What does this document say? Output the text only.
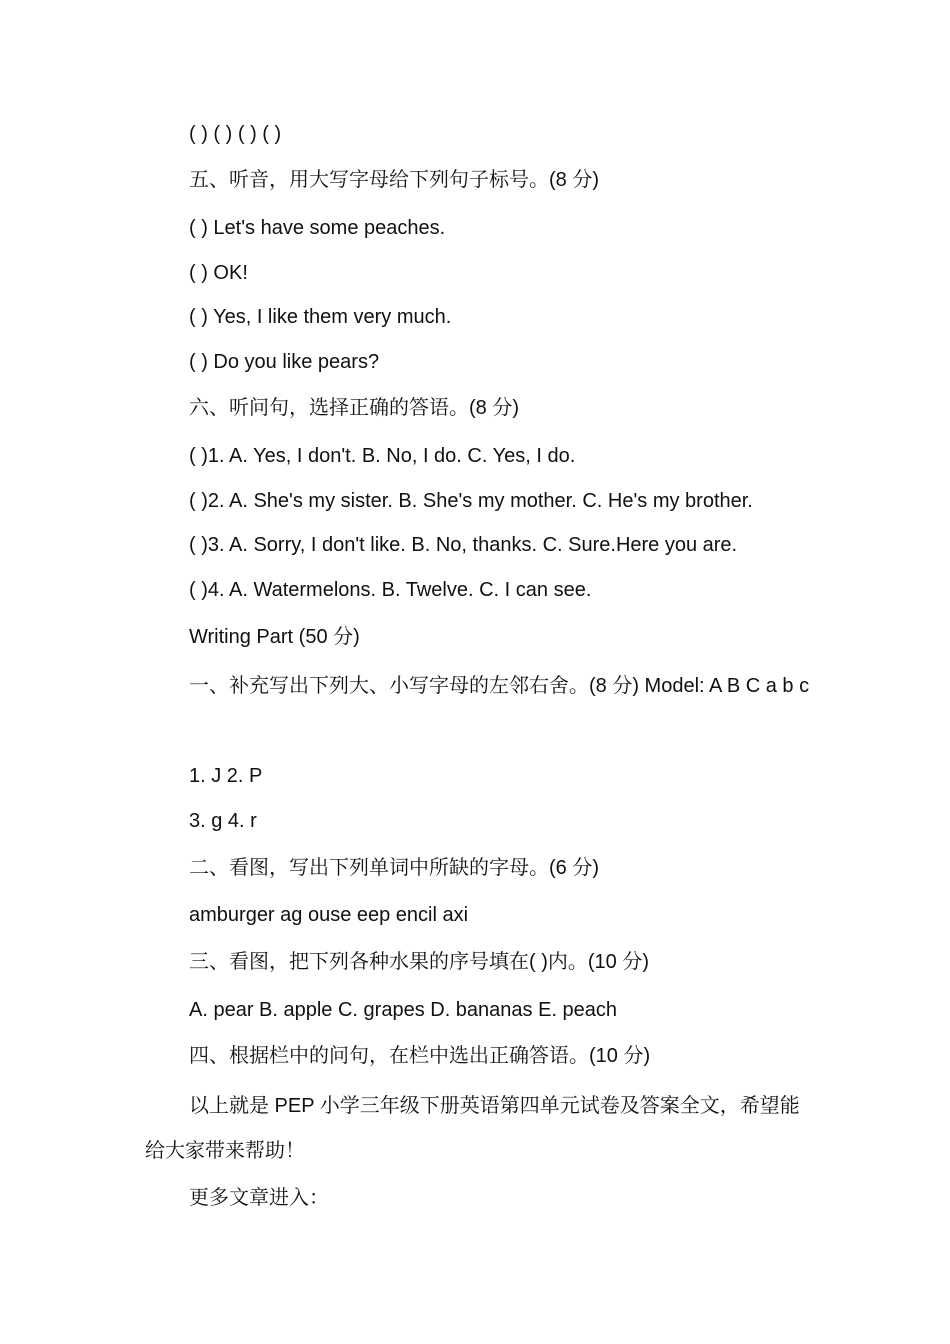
( ) ( ) ( ) ( )
五、听音，用大写字母给下列句子标号。(8 分)
( ) Let's have some peaches.
( ) OK!
( ) Yes, I like them very much.
( ) Do you like pears?
六、听问句，选择正确的答语。(8 分)
( )1. A. Yes, I don't. B. No, I do. C. Yes, I do.
( )2. A. She's my sister. B. She's my mother. C. He's my brother.
( )3. A. Sorry, I don't like. B. No, thanks. C. Sure.Here you are.
( )4. A. Watermelons. B. Twelve. C. I can see.
Writing Part (50 分)
一、补充写出下列大、小写字母的左邻右舍。(8 分) Model: A B C a b c
1. J 2. P
3. g 4. r
二、看图，写出下列单词中所缺的字母。(6 分)
amburger ag ouse eep encil axi
三、看图，把下列各种水果的序号填在( )内。(10 分)
A. pear B. apple C. grapes D. bananas E. peach
四、根据栏中的问句，在栏中选出正确答语。(10 分)
以上就是 PEP 小学三年级下册英语第四单元试卷及答案全文，希望能给大家带来帮助！
更多文章进入：
